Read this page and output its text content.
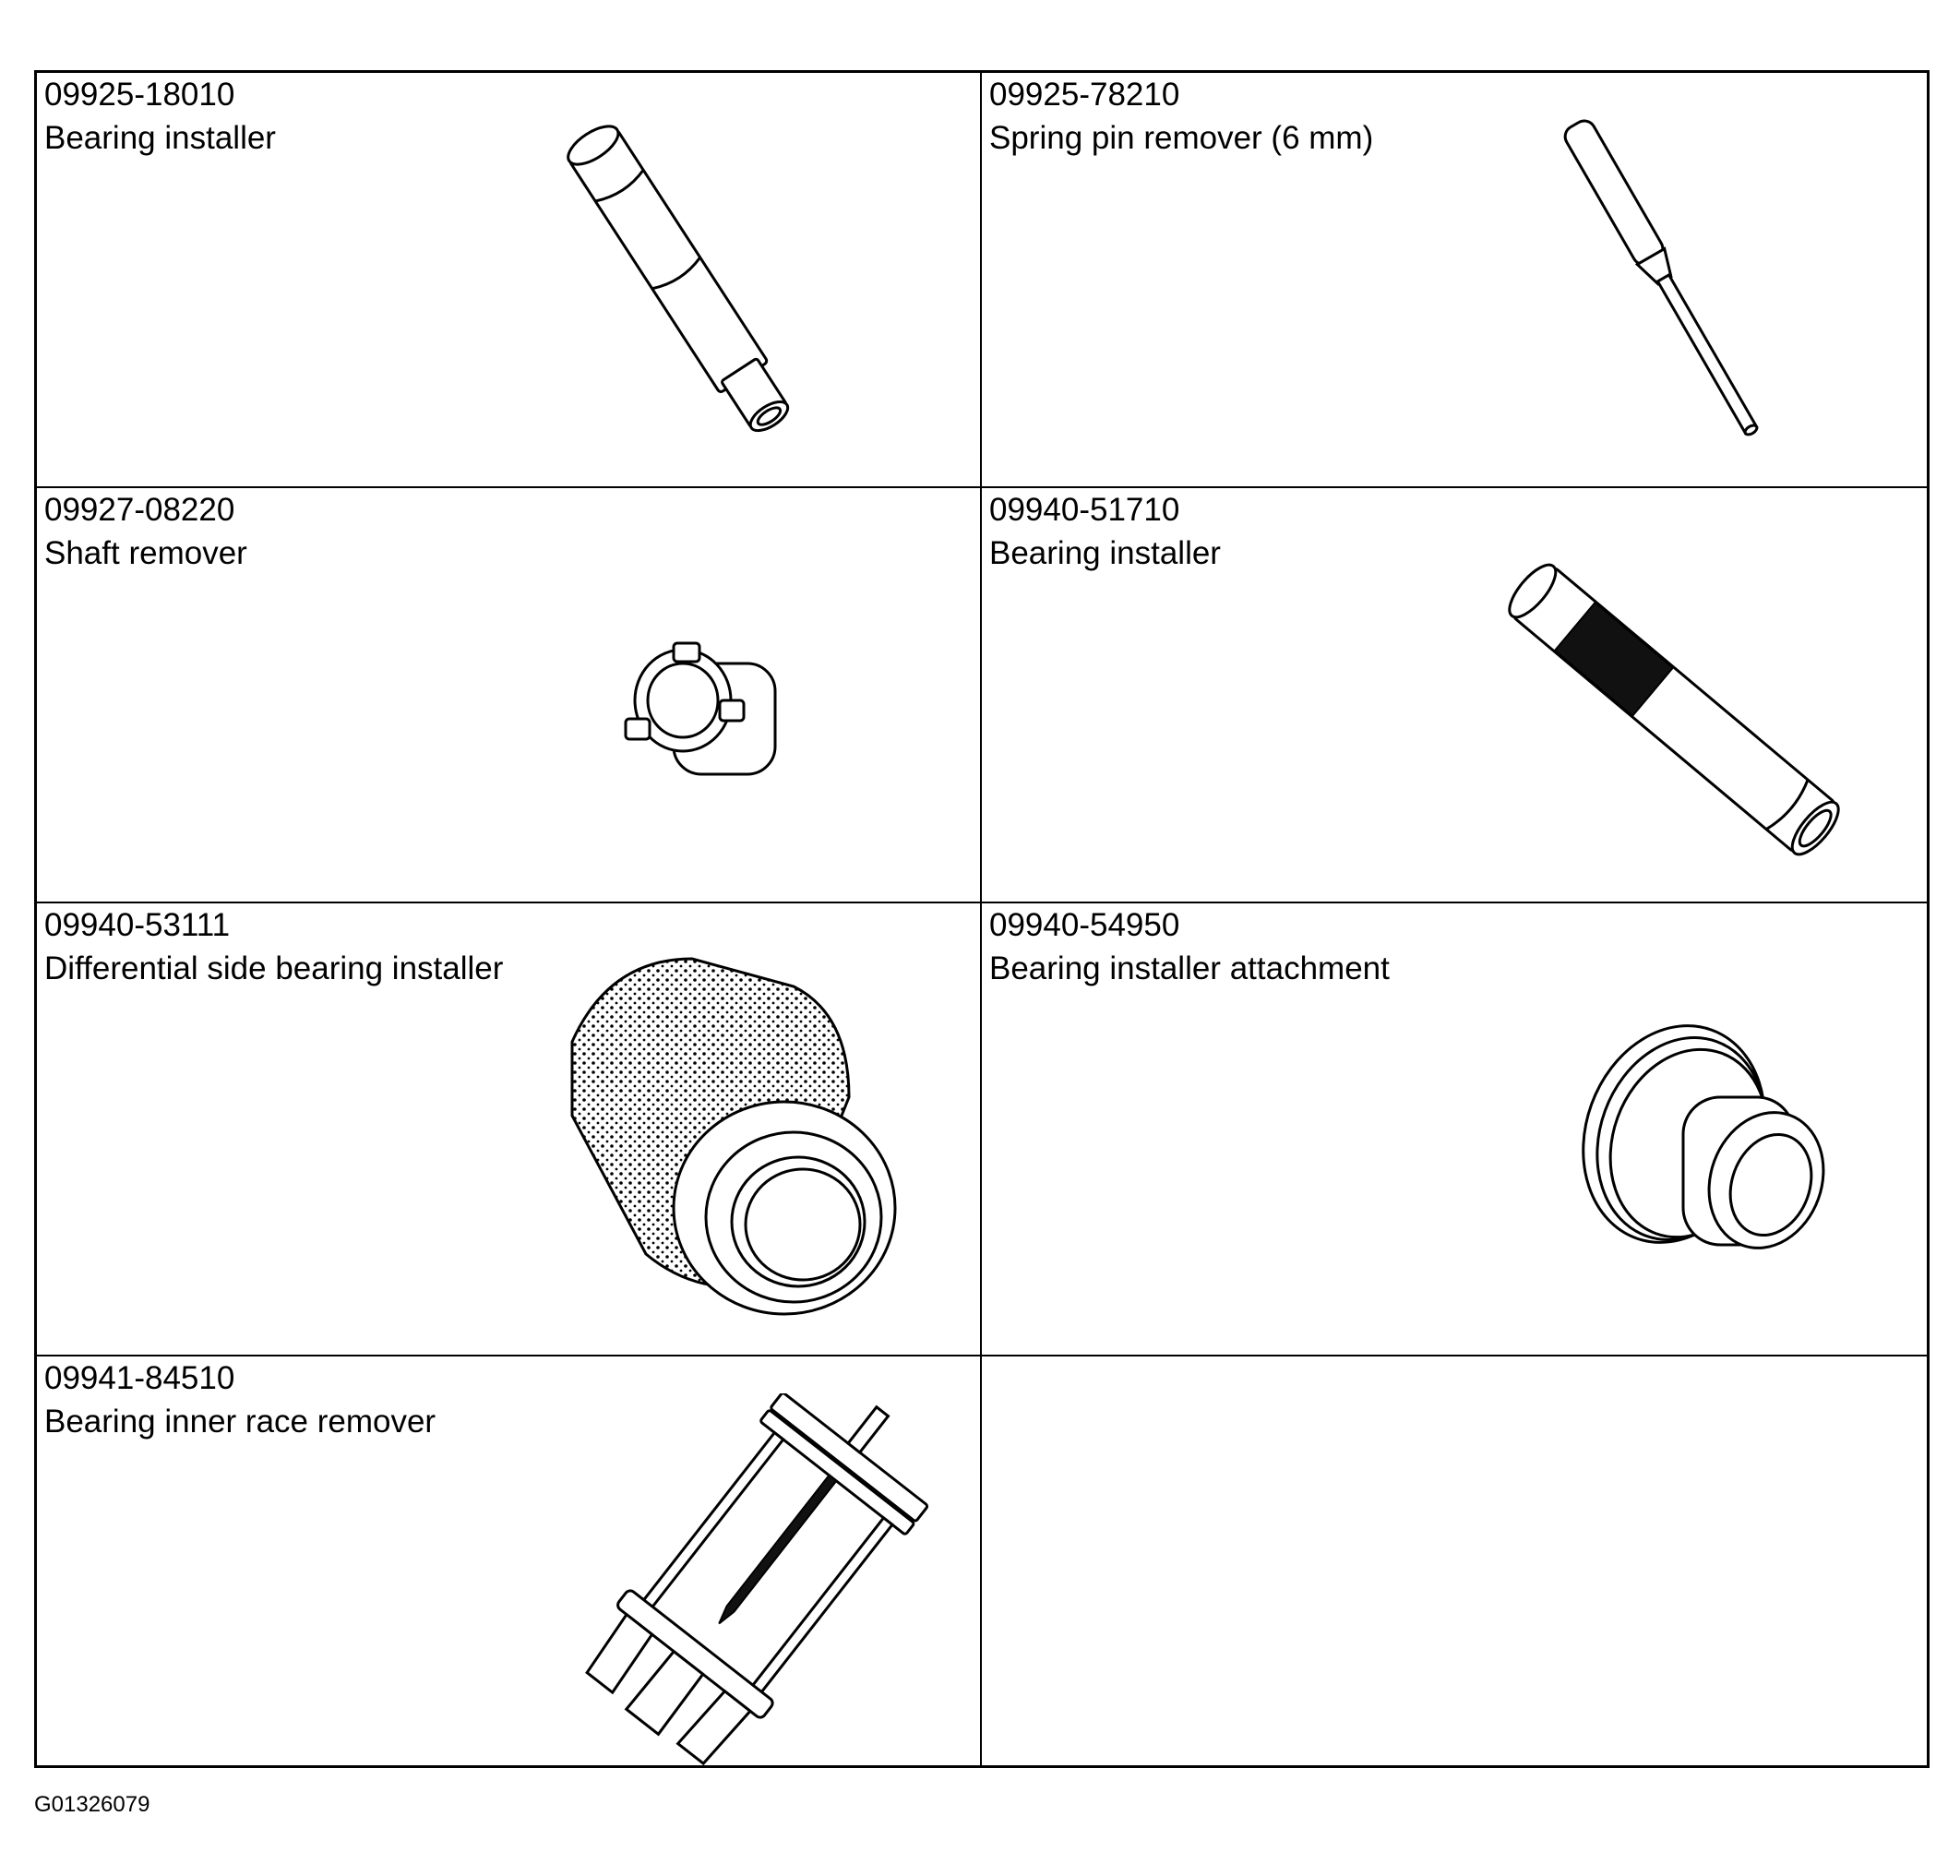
09925-18010
Bearing installer
09925-78210
Spring pin remover (6 mm)
09927-08220
Shaft remover
09940-51710
Bearing installer
09940-53111
Differential side bearing installer
09940-54950
Bearing installer attachment
09941-84510
Bearing inner race remover
G01326079
